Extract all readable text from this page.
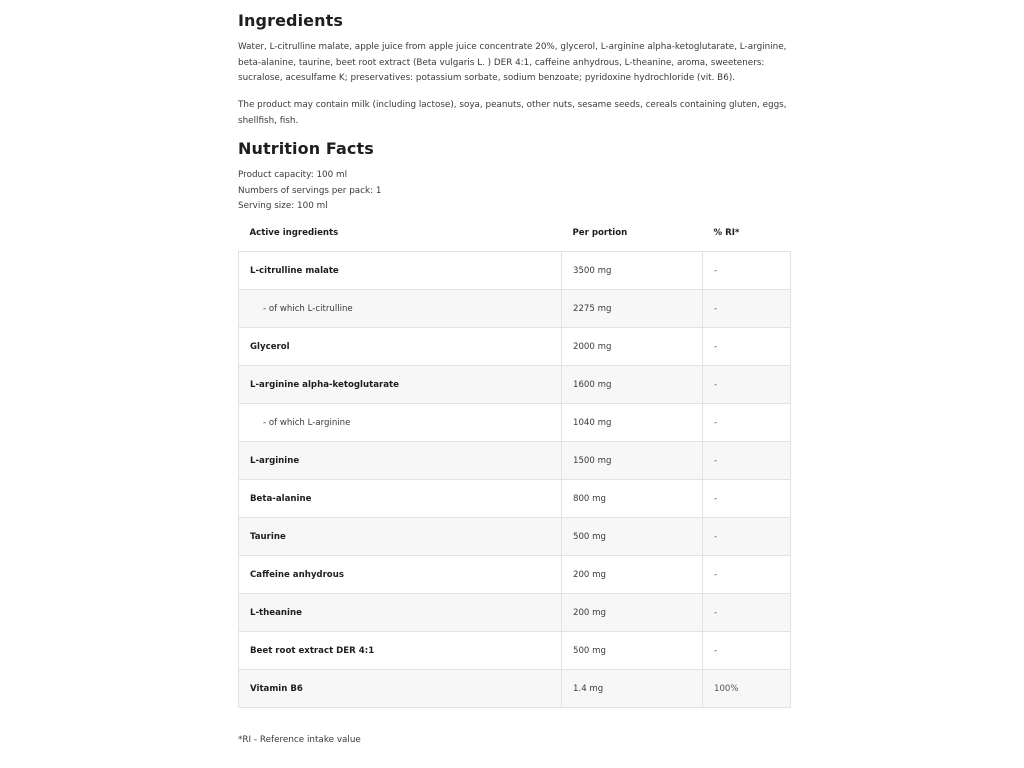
Ingredients

Water, L-citrulline malate, apple juice from apple juice concentrate 20%, glycerol, L-arginine alpha-ketoglutarate, L-arginine, beta-alanine, taurine, beet root extract (Beta vulgaris L. ) DER 4:1, caffeine anhydrous, L-theanine, aroma, sweeteners: sucralose, acesulfame K; preservatives: potassium sorbate, sodium benzoate; pyridoxine hydrochloride (vit. B6).

The product may contain milk (including lactose), soya, peanuts, other nuts, sesame seeds, cereals containing gluten, eggs, shellfish, fish.

Nutrition Facts
Product capacity: 100 ml
Numbers of servings per pack: 1
Serving size: 100 ml
Active ingredients	Per portion	% RI*
L-citrulline malate	3500 mg	-
- of which L-citrulline	2275 mg	-
Glycerol	2000 mg	-
L-arginine alpha-ketoglutarate	1600 mg	-
- of which L-arginine	1040 mg	-
L-arginine	1500 mg	-
Beta-alanine	800 mg	-
Taurine	500 mg	-
Caffeine anhydrous	200 mg	-
L-theanine	200 mg	-
Beet root extract DER 4:1	500 mg	-
Vitamin B6	1.4 mg	100%
*RI - Reference intake value
